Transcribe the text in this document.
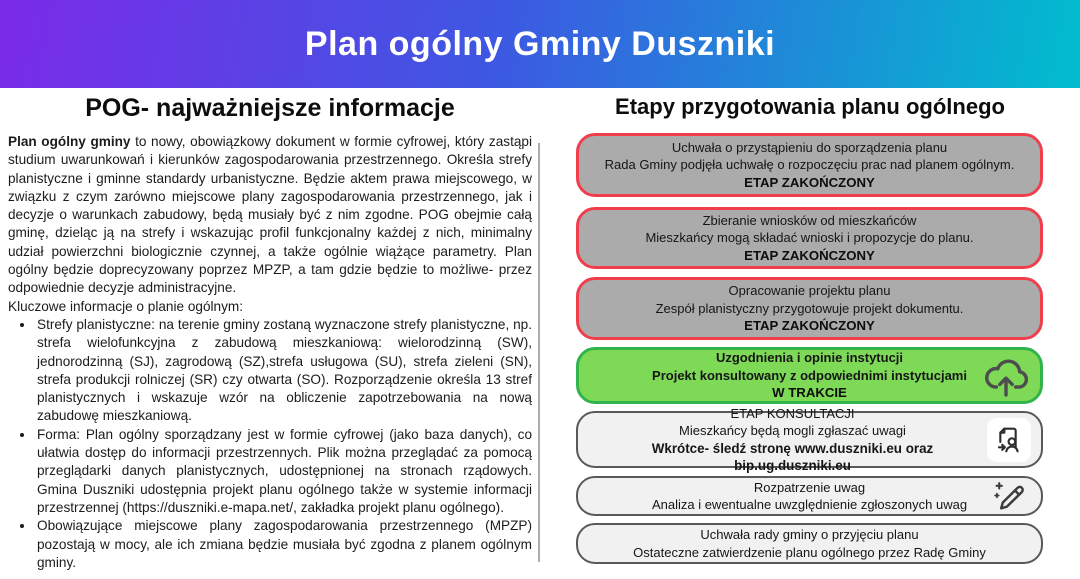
Plan ogólny Gminy Duszniki
POG- najważniejsze informacje

Plan ogólny gminy to nowy, obowiązkowy dokument w formie cyfrowej, który zastąpi studium uwarunkowań i kierunków zagospodarowania przestrzennego. Określa strefy planistyczne i gminne standardy urbanistyczne. Będzie aktem prawa miejscowego, w związku z czym zarówno miejscowe plany zagospodarowania przestrzennego, jak i decyzje o warunkach zabudowy, będą musiały być z nim zgodne. POG obejmie całą gminę, dzieląc ją na strefy i wskazując profil funkcjonalny każdej z nich, minimalny udział powierzchni biologicznie czynnej, a także ogólnie wiążące parametry. Plan ogólny będzie doprecyzowany poprzez MPZP, a tam gdzie będzie to możliwe- przez odpowiednie decyzje administracyjne.

Kluczowe informacje o planie ogólnym:
• Strefy planistyczne: na terenie gminy zostaną wyznaczone strefy planistyczne, np. strefa wielofunkcyjna z zabudową mieszkaniową: wielorodzinną (SW), jednorodzinną (SJ), zagrodową (SZ),strefa usługowa (SU), strefa zieleni (SN), strefa produkcji rolniczej (SR) czy otwarta (SO). Rozporządzenie określa 13 stref planistycznych i wskazuje wzór na obliczenie zapotrzebowania na nową zabudowę mieszkaniową.
• Forma: Plan ogólny sporządzany jest w formie cyfrowej (jako baza danych), co ułatwia dostęp do informacji przestrzennych. Plik można przeglądać za pomocą przeglądarki danych planistycznych, udostępnionej na stronach rządowych. Gmina Duszniki udostępnia projekt planu ogólnego także w systemie informacji przestrzennej (https://duszniki.e-mapa.net/, zakładka projekt planu ogólnego).
• Obowiązujące miejscowe plany zagospodarowania przestrzennego (MPZP) pozostają w mocy, ale ich zmiana będzie musiała być zgodna z planem ogólnym gminy.
Etapy przygotowania planu ogólnego
Uchwała o przystąpieniu do sporządzenia planu
Rada Gminy podjęła uchwałę o rozpoczęciu prac nad planem ogólnym.
ETAP ZAKOŃCZONY
Zbieranie wniosków od mieszkańców
Mieszkańcy mogą składać wnioski i propozycje do planu.
ETAP ZAKOŃCZONY
Opracowanie projektu planu
Zespół planistyczny przygotowuje projekt dokumentu.
ETAP ZAKOŃCZONY
Uzgodnienia i opinie instytucji
Projekt konsultowany z odpowiednimi instytucjami
W TRAKCIE
ETAP KONSULTACJI
Mieszkańcy będą mogli zgłaszać uwagi
Wkrótce- śledź stronę www.duszniki.eu oraz bip.ug.duszniki.eu
Rozpatrzenie uwag
Analiza i ewentualne uwzględnienie zgłoszonych uwag
Uchwała rady gminy o przyjęciu planu
Ostateczne zatwierdzenie planu ogólnego przez Radę Gminy
